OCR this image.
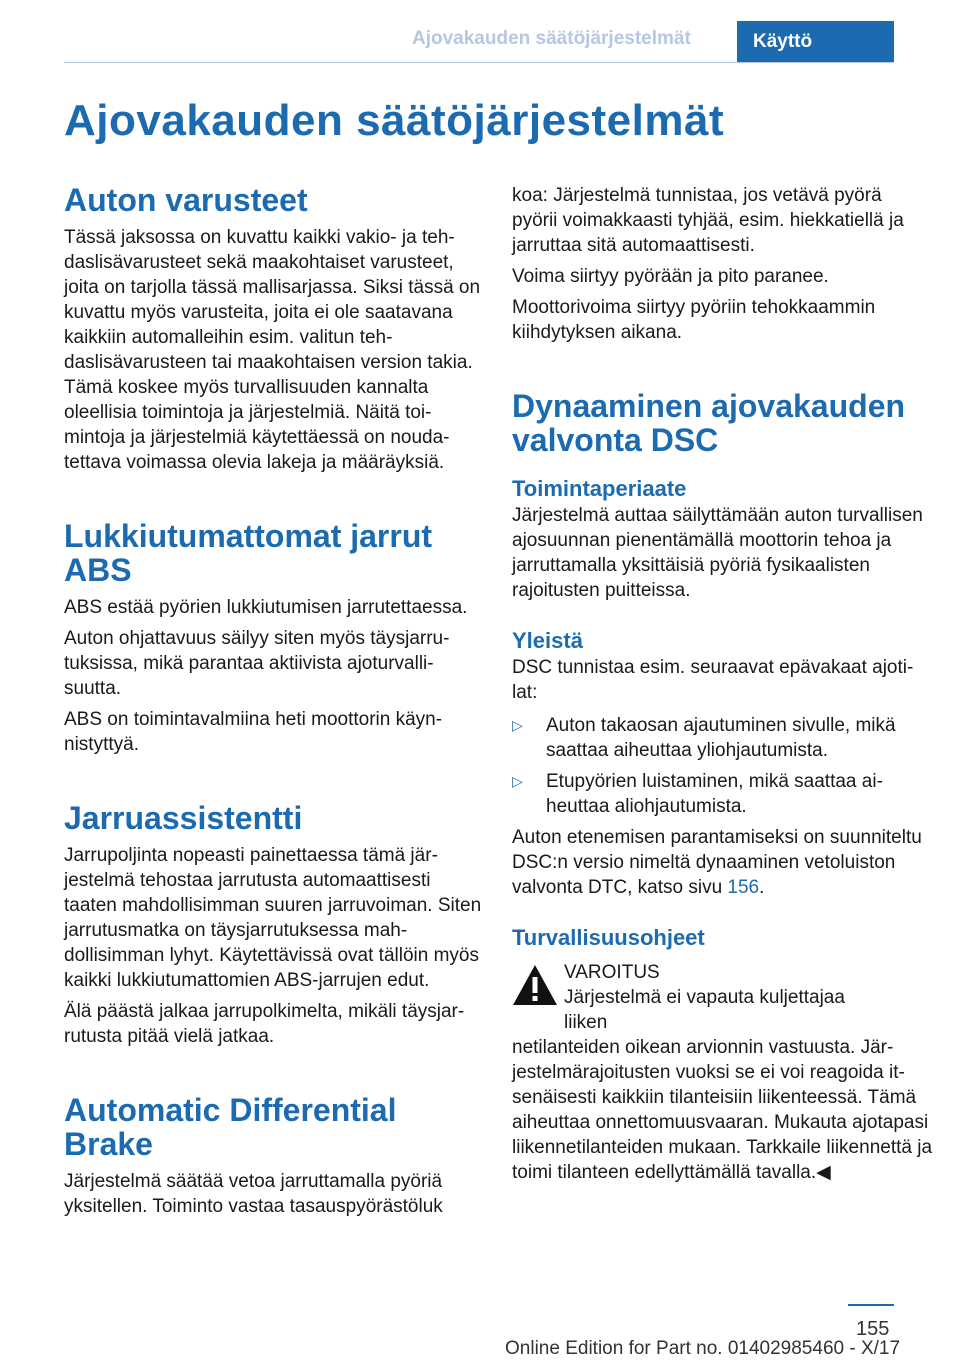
Ajovakauden säätöjärjestelmät	Käyttö
Ajovakauden säätöjärjestelmät
Auton varusteet

Tässä jaksossa on kuvattu kaikki vakio- ja tehdaslisävarusteet sekä maakohtaiset varusteet, joita on tarjolla tässä mallisarjassa. Siksi tässä on kuvattu myös varusteita, joita ei ole saatavana kaikkiin automalleihin esim. valitun tehdaslisävarusteen tai maakohtaisen version takia. Tämä koskee myös turvallisuuden kannalta oleellisia toimintoja ja järjestelmiä. Näitä toimintoja ja järjestelmiä käytettäessä on noudatettava voimassa olevia lakeja ja määräyksiä.

Lukkiutumattomat jarrut ABS

ABS estää pyörien lukkiutumisen jarrutettaessa.

Auton ohjattavuus säilyy siten myös täysjarrutuksissa, mikä parantaa aktiivista ajoturvallisuutta.

ABS on toimintavalmiina heti moottorin käynnistyttyä.

Jarruassistentti

Jarrupoljinta nopeasti painettaessa tämä järjestelmä tehostaa jarrutusta automaattisesti taaten mahdollisimman suuren jarruvoiman. Siten jarrutusmatka on täysjarrutuksessa mahdollisimman lyhyt. Käytettävissä ovat tällöin myös kaikki lukkiutumattomien ABS-jarrujen edut.

Älä päästä jalkaa jarrupolkimelta, mikäli täysjarrutusta pitää vielä jatkaa.

Automatic Differential Brake

Järjestelmä säätää vetoa jarruttamalla pyöriä yksitellen. Toiminto vastaa tasauspyörästöluk

koa: Järjestelmä tunnistaa, jos vetävä pyörä pyörii voimakkaasti tyhjää, esim. hiekkatiellä ja jarruttaa sitä automaattisesti.

Voima siirtyy pyörään ja pito paranee.

Moottorivoima siirtyy pyöriin tehokkaammin kiihdytyksen aikana.

Dynaaminen ajovakauden valvonta DSC
Toimintaperiaate

Järjestelmä auttaa säilyttämään auton turvallisen ajosuunnan pienentämällä moottorin tehoa ja jarruttamalla yksittäisiä pyöriä fysikaalisten rajoitusten puitteissa.

Yleistä

DSC tunnistaa esim. seuraavat epävakaat ajotilat:

▷	Auton takaosan ajautuminen sivulle, mikä saattaa aiheuttaa yliohjautumista.
▷	Etupyörien luistaminen, mikä saattaa aiheuttaa aliohjautumista.

Auton etenemisen parantamiseksi on suunniteltu DSC:n versio nimeltä dynaaminen vetoluiston valvonta DTC, katso sivu 156.

Turvallisuusohjeet
VAROITUS
Järjestelmä ei vapauta kuljettajaa liiken
netilanteiden oikean arvionnin vastuusta. Järjestelmärajoitusten vuoksi se ei voi reagoida itsenäisesti kaikkiin tilanteisiin liikenteessä. Tämä aiheuttaa onnettomuusvaaran. Mukauta ajotapasi liikennetilanteiden mukaan. Tarkkaile liikennettä ja toimi tilanteen edellyttämällä tavalla.◀
155
Online Edition for Part no. 01402985460 - X/17
